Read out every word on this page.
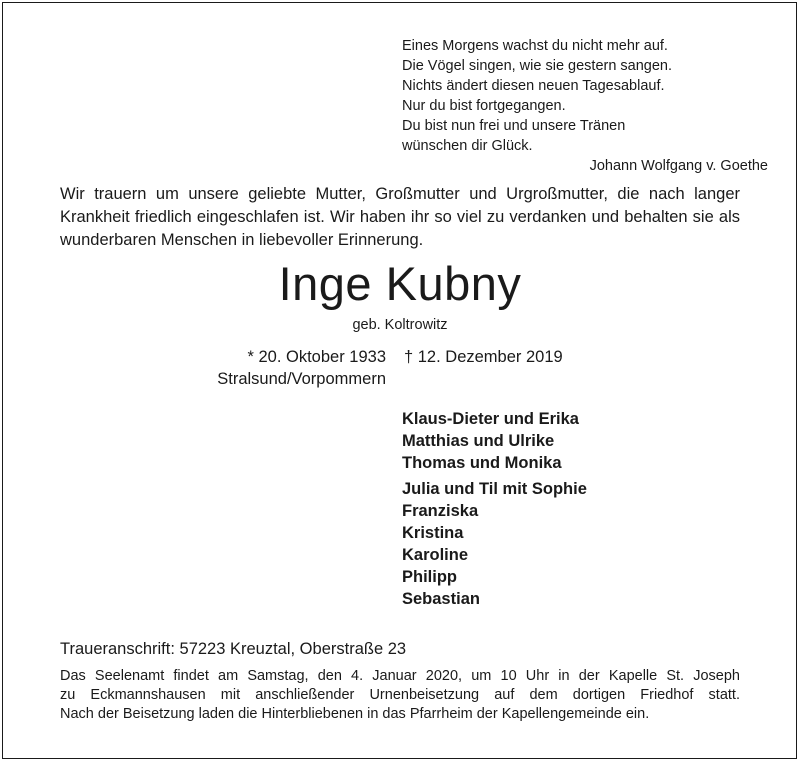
Eines Morgens wachst du nicht mehr auf.
Die Vögel singen, wie sie gestern sangen.
Nichts ändert diesen neuen Tagesablauf.
Nur du bist fortgegangen.
Du bist nun frei und unsere Tränen
wünschen dir Glück.
Johann Wolfgang v. Goethe
Wir trauern um unsere geliebte Mutter, Großmutter und Urgroßmutter, die nach langer Krankheit friedlich eingeschlafen ist. Wir haben ihr so viel zu verdanken und behalten sie als wunderbaren Menschen in liebevoller Erinnerung.
Inge Kubny
geb. Koltrowitz
* 20. Oktober 1933
Stralsund/Vorpommern
† 12. Dezember 2019
Klaus-Dieter und Erika
Matthias und Ulrike
Thomas und Monika
Julia und Til mit Sophie
Franziska
Kristina
Karoline
Philipp
Sebastian
Traueranschrift: 57223 Kreuztal, Oberstraße 23
Das Seelenamt findet am Samstag, den 4. Januar 2020, um 10 Uhr in der Kapelle St. Joseph
zu Eckmannshausen mit anschließender Urnenbeisetzung auf dem dortigen Friedhof statt.
Nach der Beisetzung laden die Hinterbliebenen in das Pfarrheim der Kapellengemeinde ein.
